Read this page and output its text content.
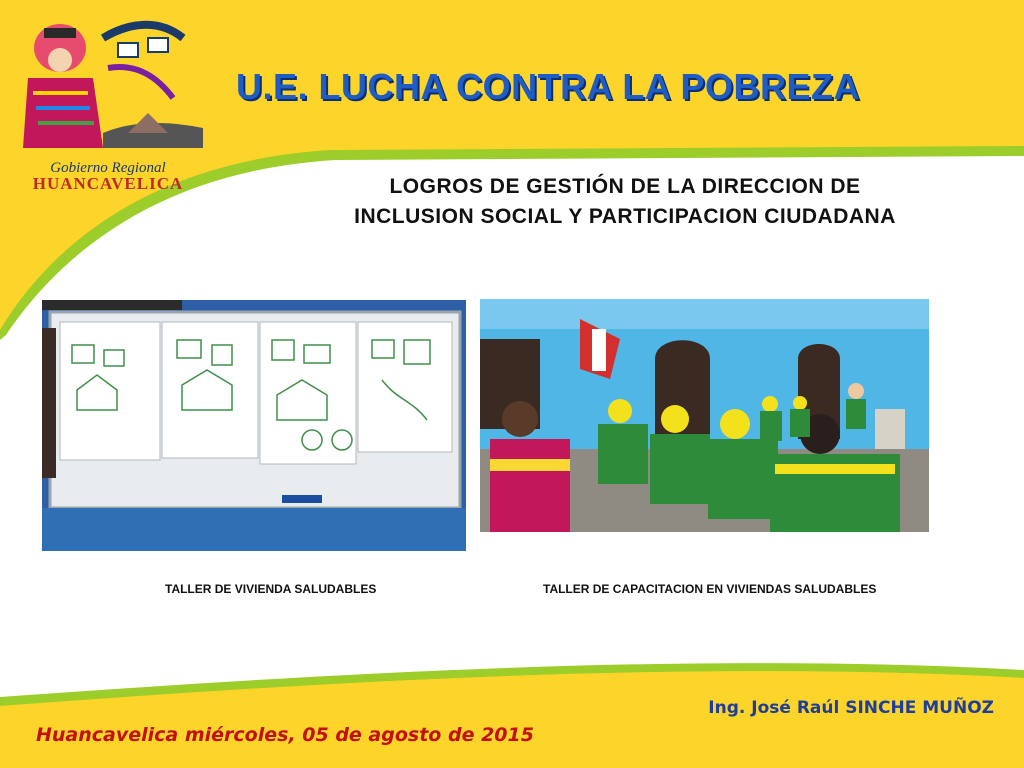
Gobierno Regional
HUANCAVELICA
U.E. LUCHA CONTRA LA POBREZA
LOGROS DE GESTIÓN DE LA DIRECCION DE
INCLUSION SOCIAL Y PARTICIPACION CIUDADANA
TALLER DE VIVIENDA SALUDABLES	TALLER DE CAPACITACION EN VIVIENDAS SALUDABLES
Ing. José Raúl SINCHE MUÑOZ
Huancavelica miércoles, 05 de agosto de 2015
